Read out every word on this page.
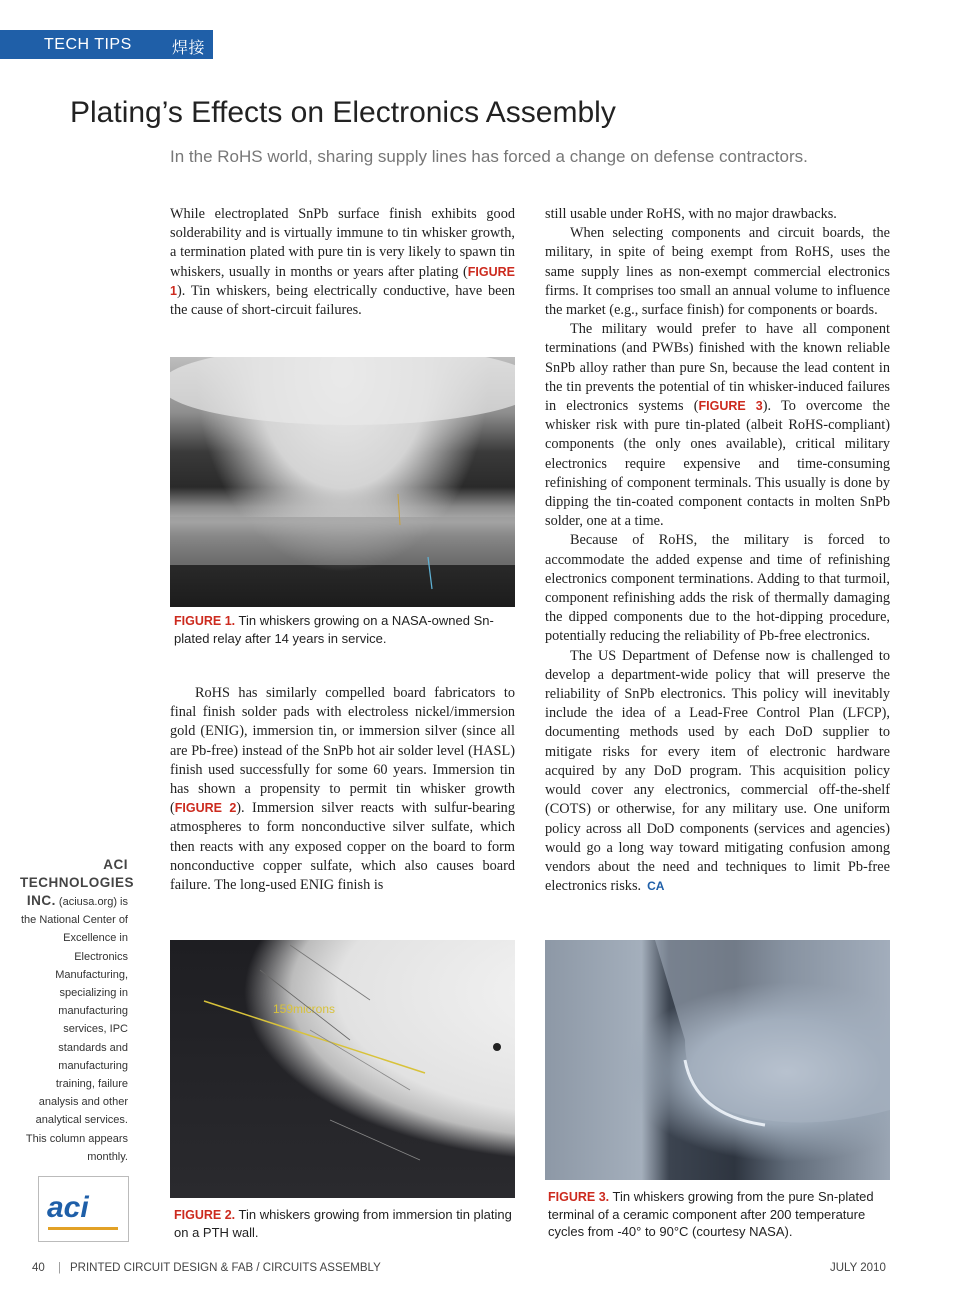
TECH TIPS	焊接
Plating’s Effects on Electronics Assembly
In the RoHS world, sharing supply lines has forced a change on defense contractors.

While electroplated SnPb surface finish exhibits good solderability and is virtually immune to tin whisker growth, a termination plated with pure tin is very likely to spawn tin whiskers, usually in months or years after plating (FIGURE 1). Tin whiskers, being electrically conductive, have been the cause of short-circuit failures.

FIGURE 1. Tin whiskers growing on a NASA-owned Sn-plated relay after 14 years in service.

RoHS has similarly compelled board fabricators to final finish solder pads with electroless nickel/immersion gold (ENIG), immersion tin, or immersion silver (since all are Pb-free) instead of the SnPb hot air solder level (HASL) finish used successfully for some 60 years. Immersion tin has shown a propensity to permit tin whisker growth (FIGURE 2). Immersion silver reacts with sulfur-bearing atmospheres to form nonconductive silver sulfate, which then reacts with any exposed copper on the board to form nonconductive copper sulfate, which also causes board failure. The long-used ENIG finish is

still usable under RoHS, with no major drawbacks.

When selecting components and circuit boards, the military, in spite of being exempt from RoHS, uses the same supply lines as non-exempt commercial electronics firms. It comprises too small an annual volume to influence the market (e.g., surface finish) for components or boards.

The military would prefer to have all component terminations (and PWBs) finished with the known reliable SnPb alloy rather than pure Sn, because the lead content in the tin prevents the potential of tin whisker-induced failures in electronics systems (FIGURE 3). To overcome the whisker risk with pure tin-plated (albeit RoHS-compliant) components (the only ones available), critical military electronics require expensive and time-consuming refinishing of component terminals. This usually is done by dipping the tin-coated component contacts in molten SnPb solder, one at a time.

Because of RoHS, the military is forced to accommodate the added expense and time of refinishing electronics component terminations. Adding to that turmoil, component refinishing adds the risk of thermally damaging the dipped components due to the hot-dipping procedure, potentially reducing the reliability of Pb-free electronics.

The US Department of Defense now is challenged to develop a department-wide policy that will preserve the reliability of SnPb electronics. This policy will inevitably include the idea of a Lead-Free Control Plan (LFCP), documenting methods used by each DoD supplier to mitigate risks for every item of electronic hardware acquired by any DoD program. This acquisition policy would cover any electronics, commercial off-the-shelf (COTS) or otherwise, for any military use. One uniform policy across all DoD components (services and agencies) would go a long way toward mitigating confusion among vendors about the need and techniques to limit Pb-free electronics risks. CA

ACI
TECHNOLOGIES
INC. (aciusa.org) is the National Center of Excellence in Electronics Manufacturing, specializing in manufacturing services, IPC standards and manufacturing training, failure analysis and other analytical services. This column appears monthly.
aci
159microns
FIGURE 2. Tin whiskers growing from immersion tin plating on a PTH wall.
FIGURE 3. Tin whiskers growing from the pure Sn-plated terminal of a ceramic component after 200 temperature cycles from -40° to 90°C (courtesy NASA).
40 | PRINTED CIRCUIT DESIGN & FAB / CIRCUITS ASSEMBLY	JULY 2010
